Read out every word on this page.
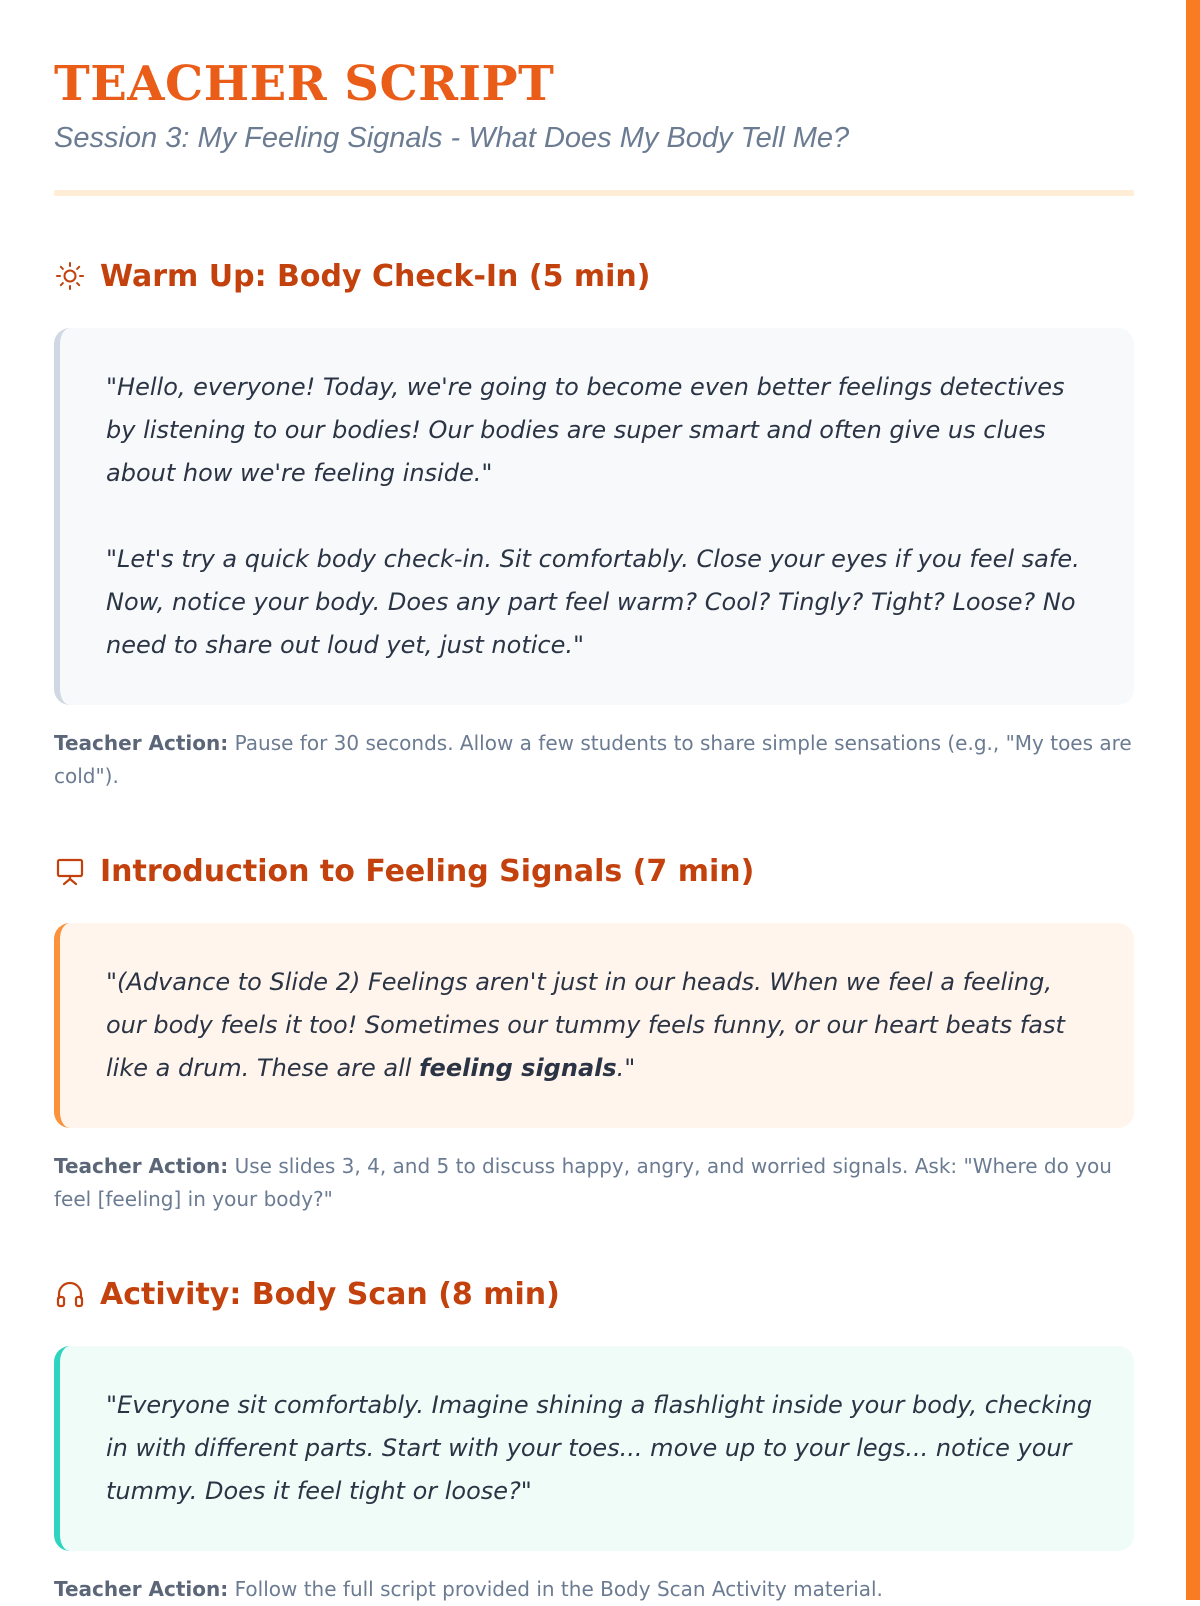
TEACHER SCRIPT
Session 3: My Feeling Signals - What Does My Body Tell Me?
Warm Up: Body Check-In (5 min)

"Hello, everyone! Today, we're going to become even better feelings detectives by listening to our bodies! Our bodies are super smart and often give us clues about how we're feeling inside."

"Let's try a quick body check-in. Sit comfortably. Close your eyes if you feel safe. Now, notice your body. Does any part feel warm? Cool? Tingly? Tight? Loose? No need to share out loud yet, just notice."

Teacher Action: Pause for 30 seconds. Allow a few students to share simple sensations (e.g., "My toes are cold").
Introduction to Feeling Signals (7 min)

"(Advance to Slide 2) Feelings aren't just in our heads. When we feel a feeling, our body feels it too! Sometimes our tummy feels funny, or our heart beats fast like a drum. These are all feeling signals."

Teacher Action: Use slides 3, 4, and 5 to discuss happy, angry, and worried signals. Ask: "Where do you feel [feeling] in your body?"
Activity: Body Scan (8 min)

"Everyone sit comfortably. Imagine shining a flashlight inside your body, checking in with different parts. Start with your toes... move up to your legs... notice your tummy. Does it feel tight or loose?"

Teacher Action: Follow the full script provided in the Body Scan Activity material.
